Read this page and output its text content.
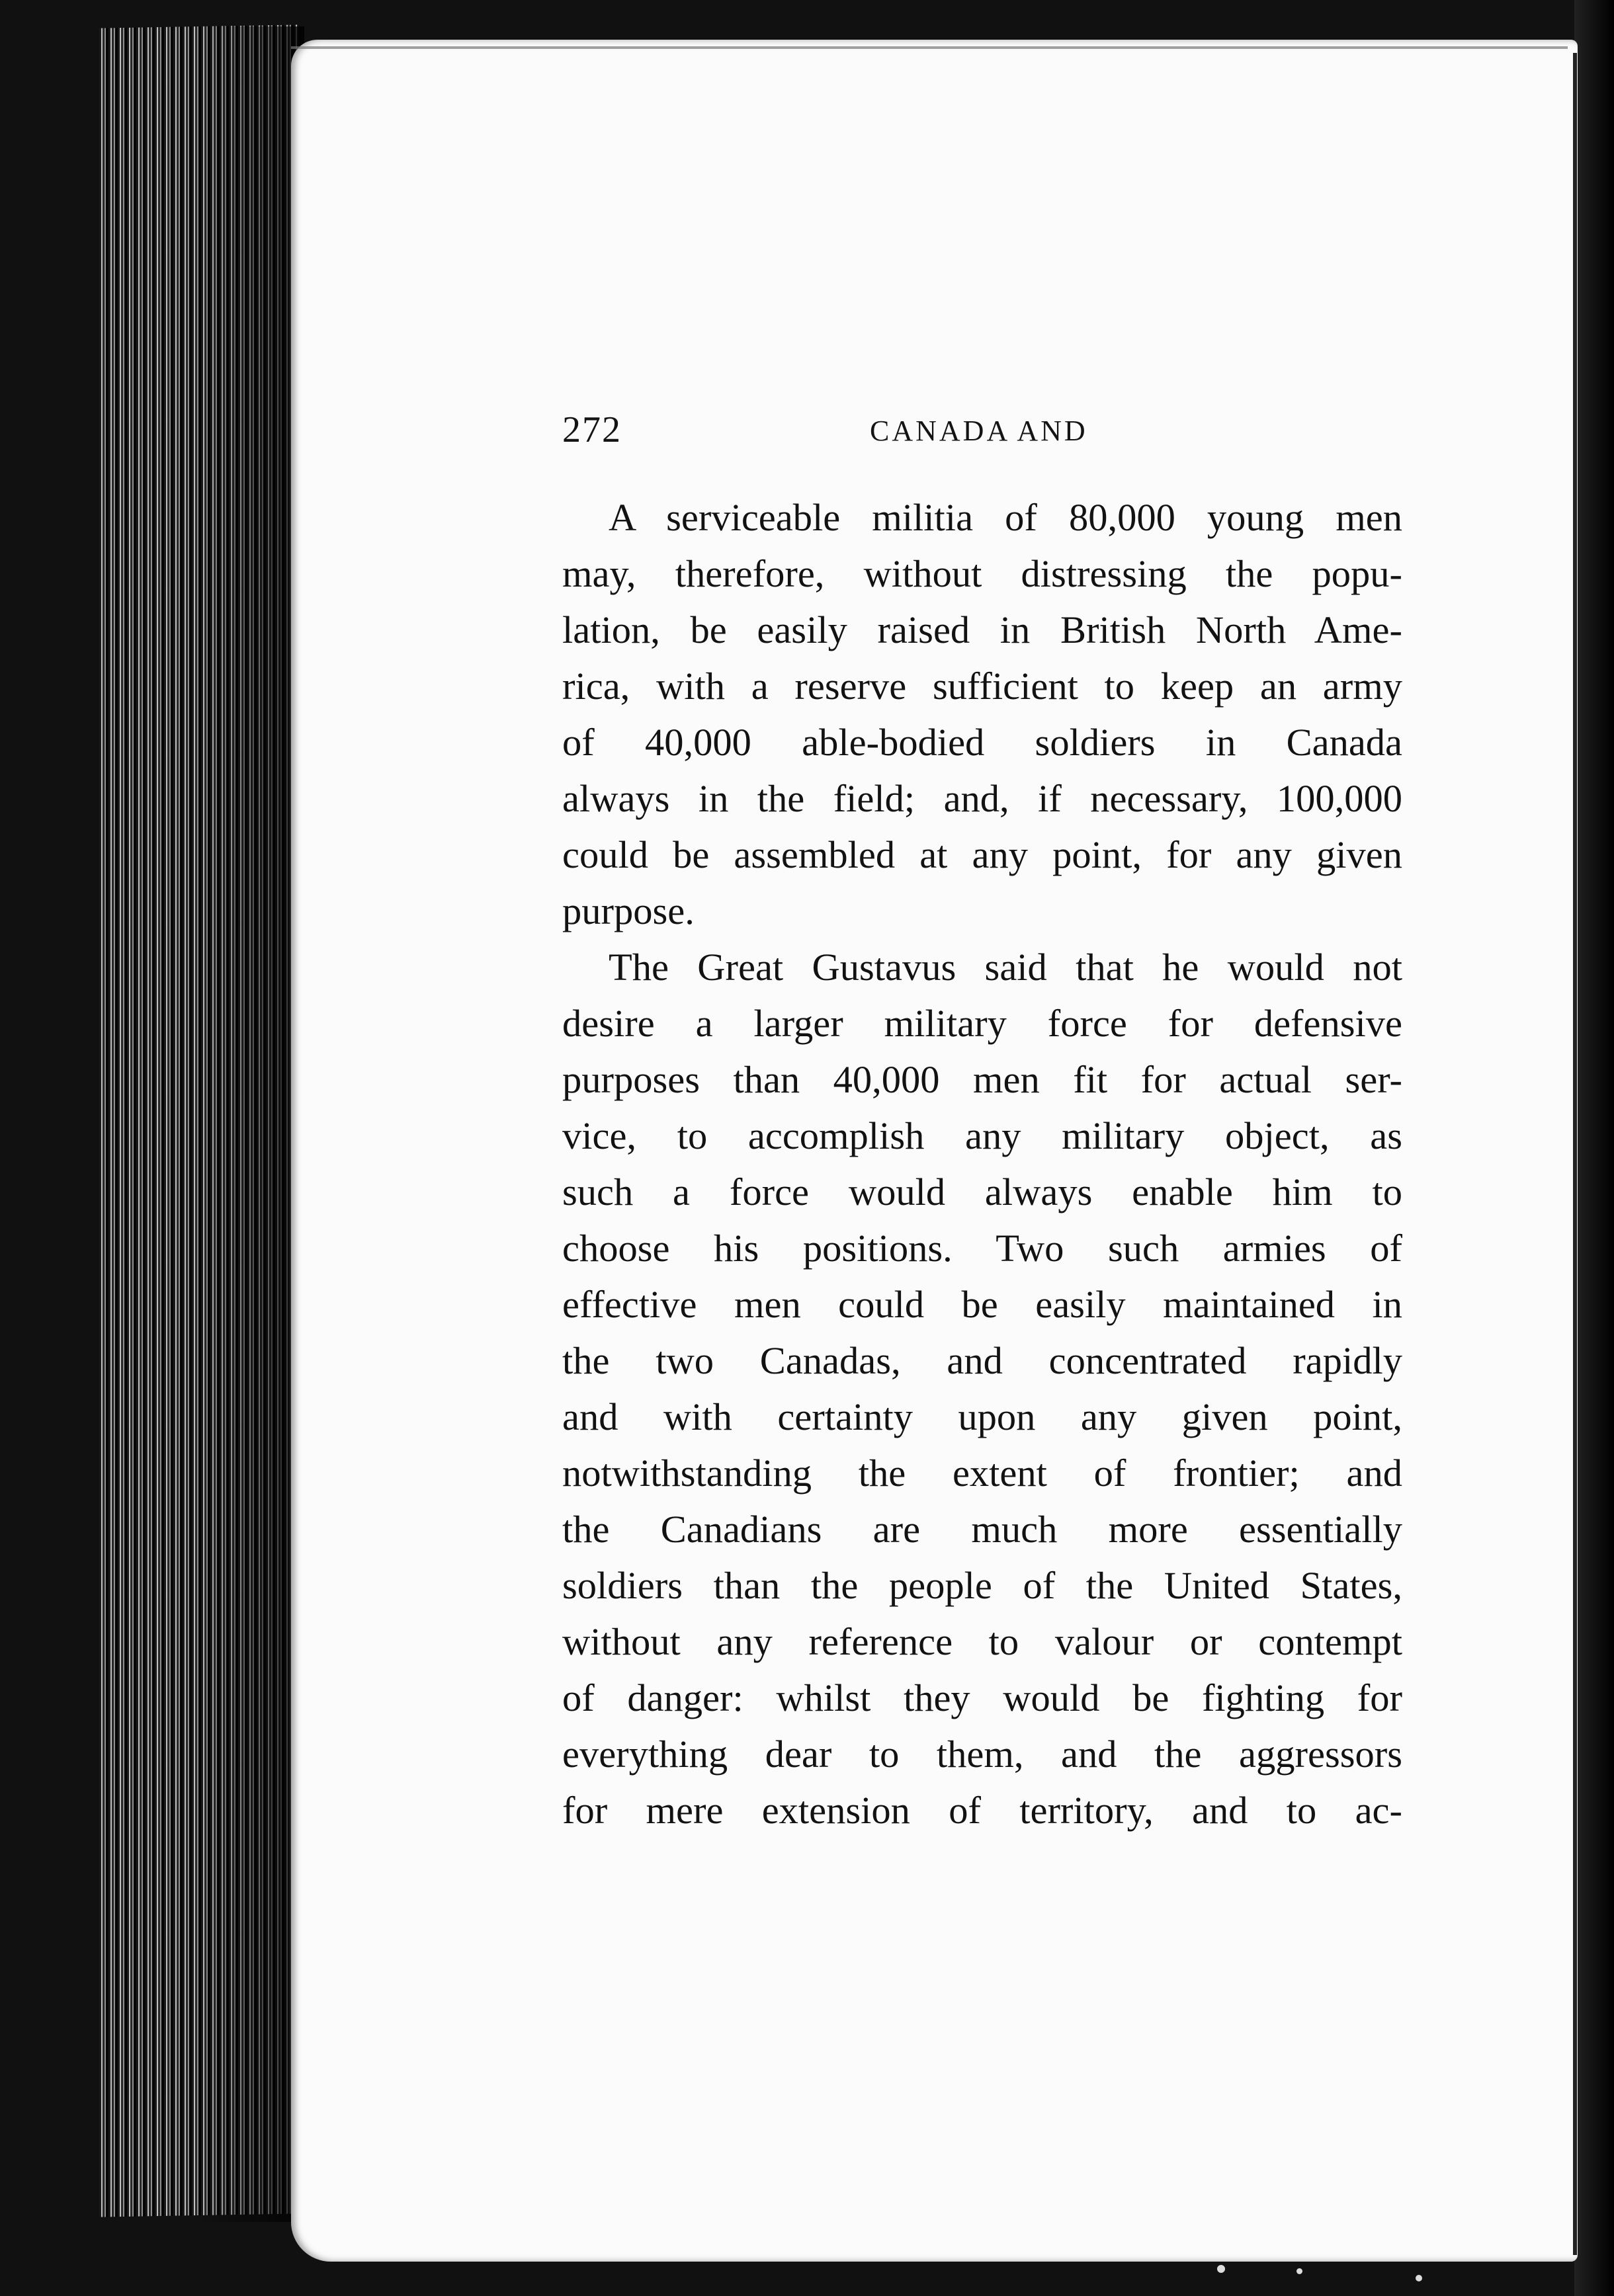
272	CANADA AND
A serviceable militia of 80,000 young men
may, therefore, without distressing the popu-
lation, be easily raised in British North Ame-
rica, with a reserve sufficient to keep an army
of 40,000 able-bodied soldiers in Canada
always in the field; and, if necessary, 100,000
could be assembled at any point, for any given
purpose.
The Great Gustavus said that he would not
desire a larger military force for defensive
purposes than 40,000 men fit for actual ser-
vice, to accomplish any military object, as
such a force would always enable him to
choose his positions. Two such armies of
effective men could be easily maintained in
the two Canadas, and concentrated rapidly
and with certainty upon any given point,
notwithstanding the extent of frontier; and
the Canadians are much more essentially
soldiers than the people of the United States,
without any reference to valour or contempt
of danger: whilst they would be fighting for
everything dear to them, and the aggressors
for mere extension of territory, and to ac-
